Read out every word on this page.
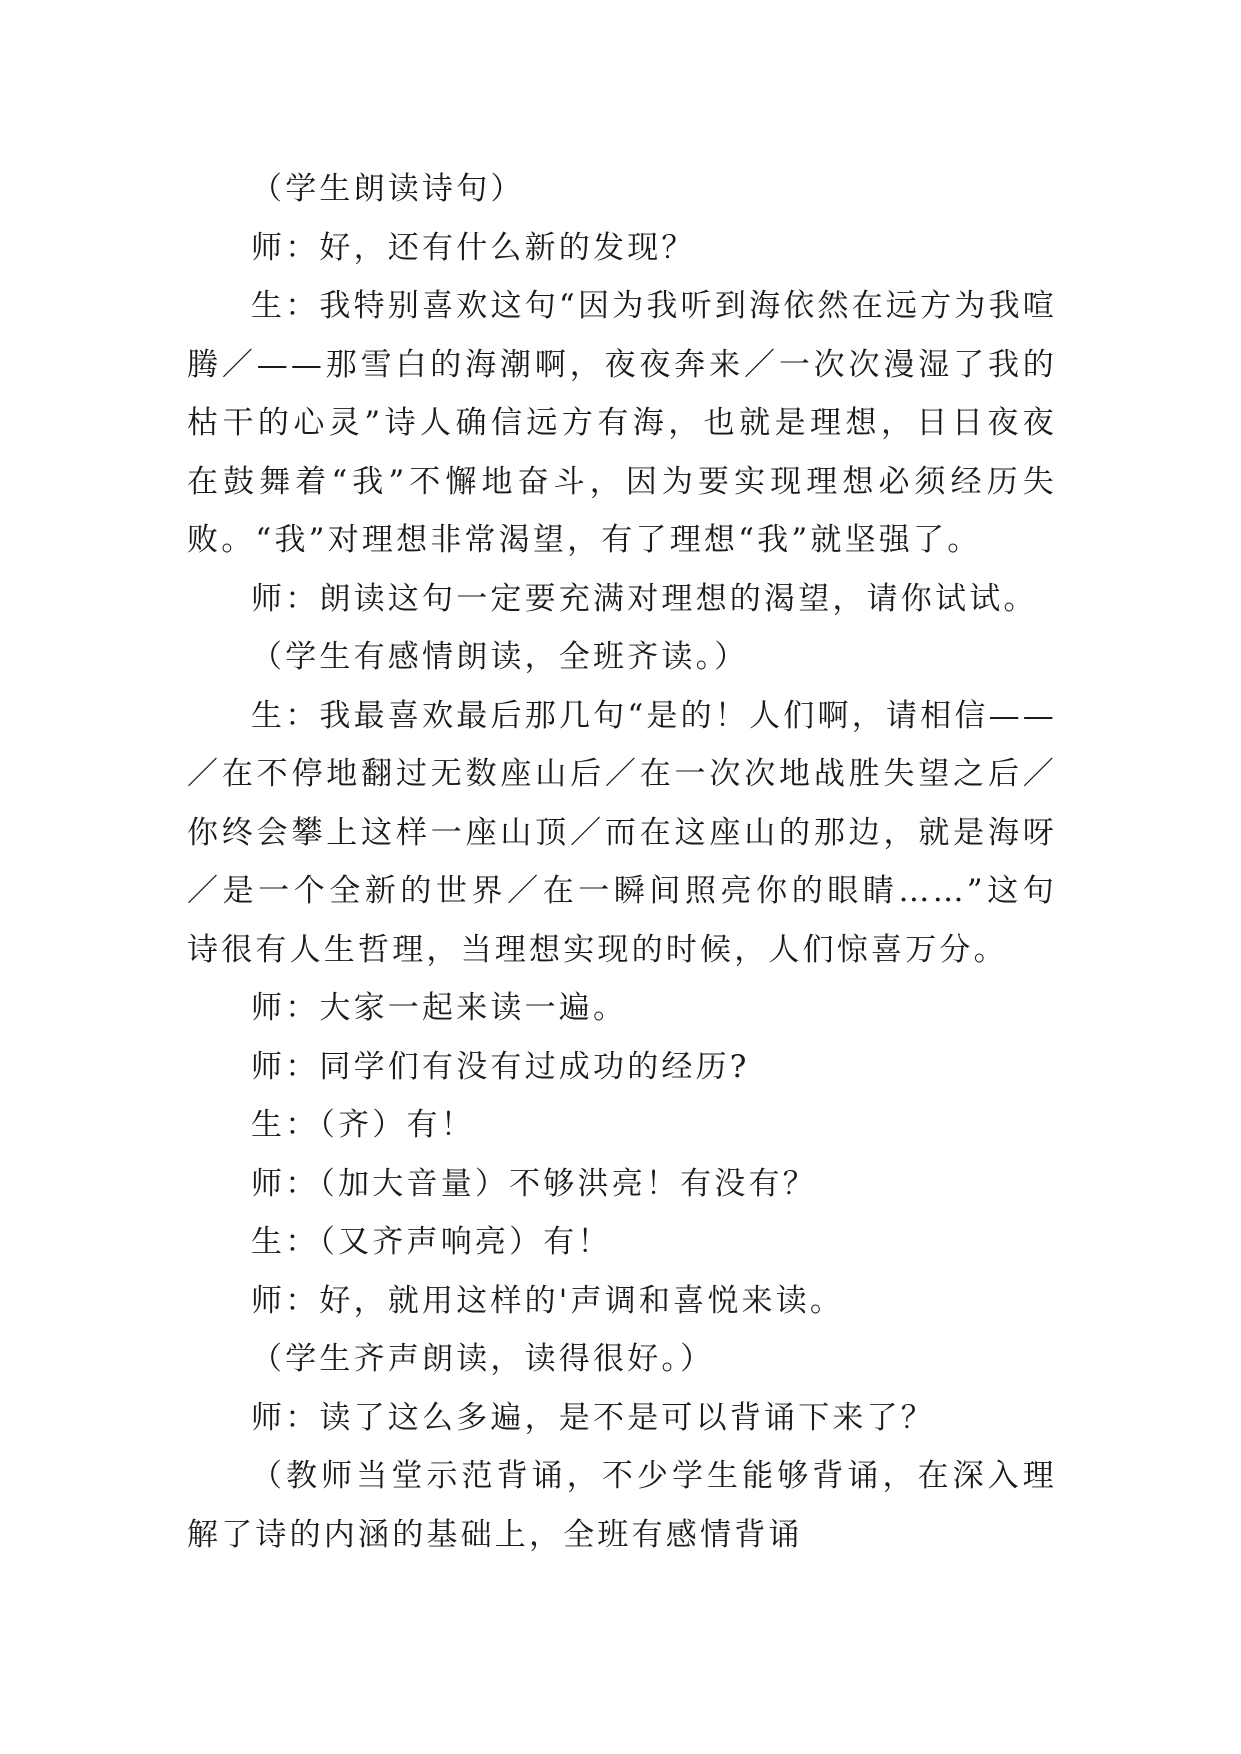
（学生朗读诗句）

师：好，还有什么新的发现？

生：我特别喜欢这句“因为我听到海依然在远方为我喧腾／——那雪白的海潮啊，夜夜奔来／一次次漫湿了我的枯干的心灵”诗人确信远方有海，也就是理想，日日夜夜在鼓舞着“我”不懈地奋斗，因为要实现理想必须经历失败。“我”对理想非常渴望，有了理想“我”就坚强了。

师：朗读这句一定要充满对理想的渴望，请你试试。

（学生有感情朗读，全班齐读。）

生：我最喜欢最后那几句“是的！人们啊，请相信——／在不停地翻过无数座山后／在一次次地战胜失望之后／你终会攀上这样一座山顶／而在这座山的那边，就是海呀／是一个全新的世界／在一瞬间照亮你的眼睛……”这句诗很有人生哲理，当理想实现的时候，人们惊喜万分。

师：大家一起来读一遍。

师：同学们有没有过成功的经历?

生：（齐）有！

师：（加大音量）不够洪亮！有没有？

生：（又齐声响亮）有！

师：好，就用这样的'声调和喜悦来读。

（学生齐声朗读，读得很好。）

师：读了这么多遍，是不是可以背诵下来了？

（教师当堂示范背诵，不少学生能够背诵，在深入理解了诗的内涵的基础上，全班有感情背诵
